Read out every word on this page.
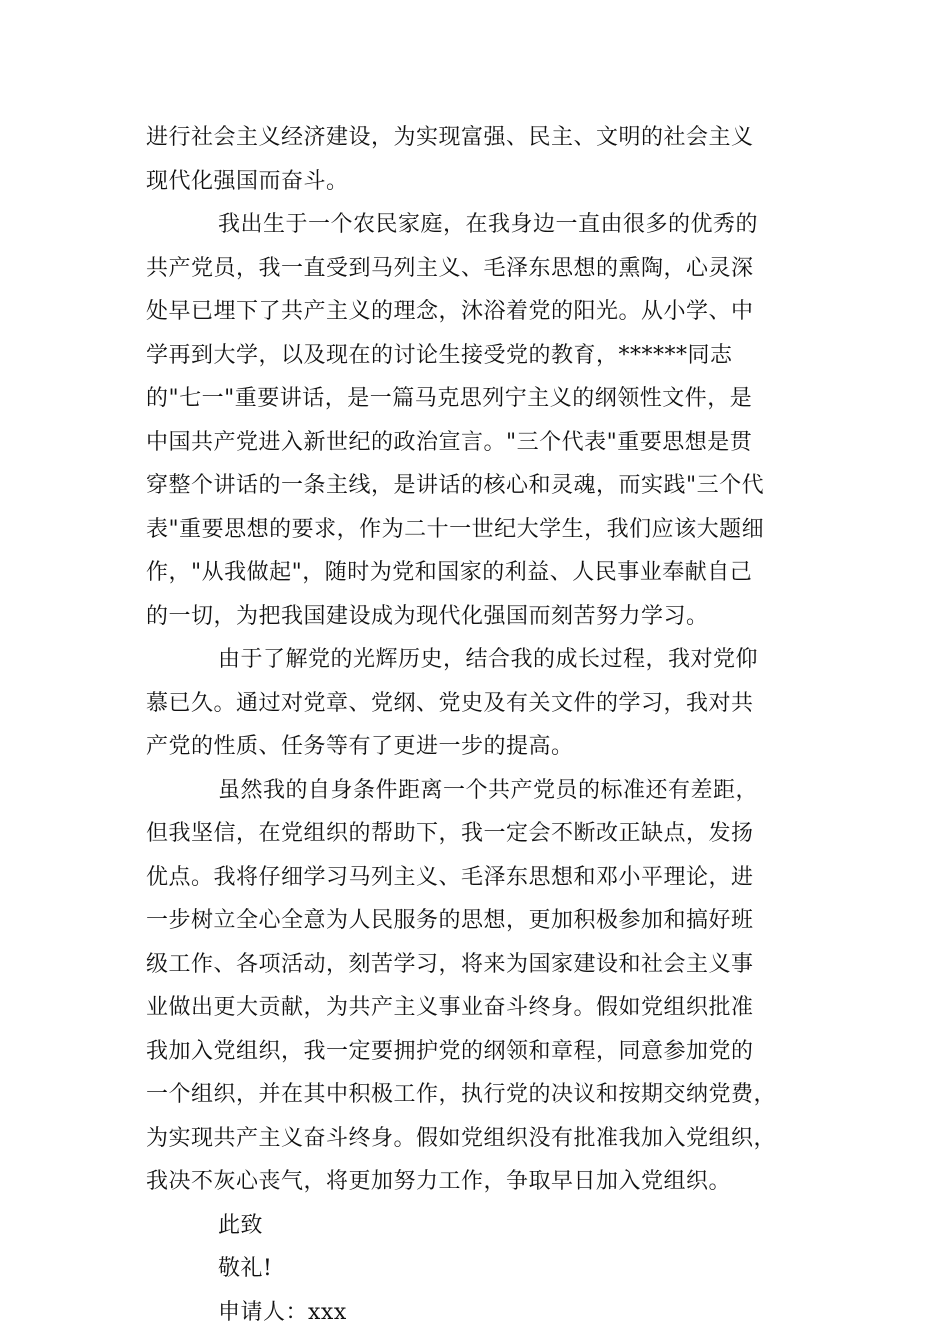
进行社会主义经济建设，为实现富强、民主、文明的社会主义
现代化强国而奋斗。
我出生于一个农民家庭，在我身边一直由很多的优秀的
共产党员，我一直受到马列主义、毛泽东思想的熏陶，心灵深
处早已埋下了共产主义的理念，沐浴着党的阳光。从小学、中
学再到大学，以及现在的讨论生接受党的教育，******同志
的"七一"重要讲话，是一篇马克思列宁主义的纲领性文件，是
中国共产党进入新世纪的政治宣言。"三个代表"重要思想是贯
穿整个讲话的一条主线，是讲话的核心和灵魂，而实践"三个代
表"重要思想的要求，作为二十一世纪大学生，我们应该大题细
作，"从我做起"，随时为党和国家的利益、人民事业奉献自己
的一切，为把我国建设成为现代化强国而刻苦努力学习。
由于了解党的光辉历史，结合我的成长过程，我对党仰
慕已久。通过对党章、党纲、党史及有关文件的学习，我对共
产党的性质、任务等有了更进一步的提高。
虽然我的自身条件距离一个共产党员的标准还有差距，
但我坚信，在党组织的帮助下，我一定会不断改正缺点，发扬
优点。我将仔细学习马列主义、毛泽东思想和邓小平理论，进
一步树立全心全意为人民服务的思想，更加积极参加和搞好班
级工作、各项活动，刻苦学习，将来为国家建设和社会主义事
业做出更大贡献，为共产主义事业奋斗终身。假如党组织批准
我加入党组织，我一定要拥护党的纲领和章程，同意参加党的
一个组织，并在其中积极工作，执行党的决议和按期交纳党费，
为实现共产主义奋斗终身。假如党组织没有批准我加入党组织，
我决不灰心丧气，将更加努力工作，争取早日加入党组织。
此致
敬礼!
申请人：xxx
